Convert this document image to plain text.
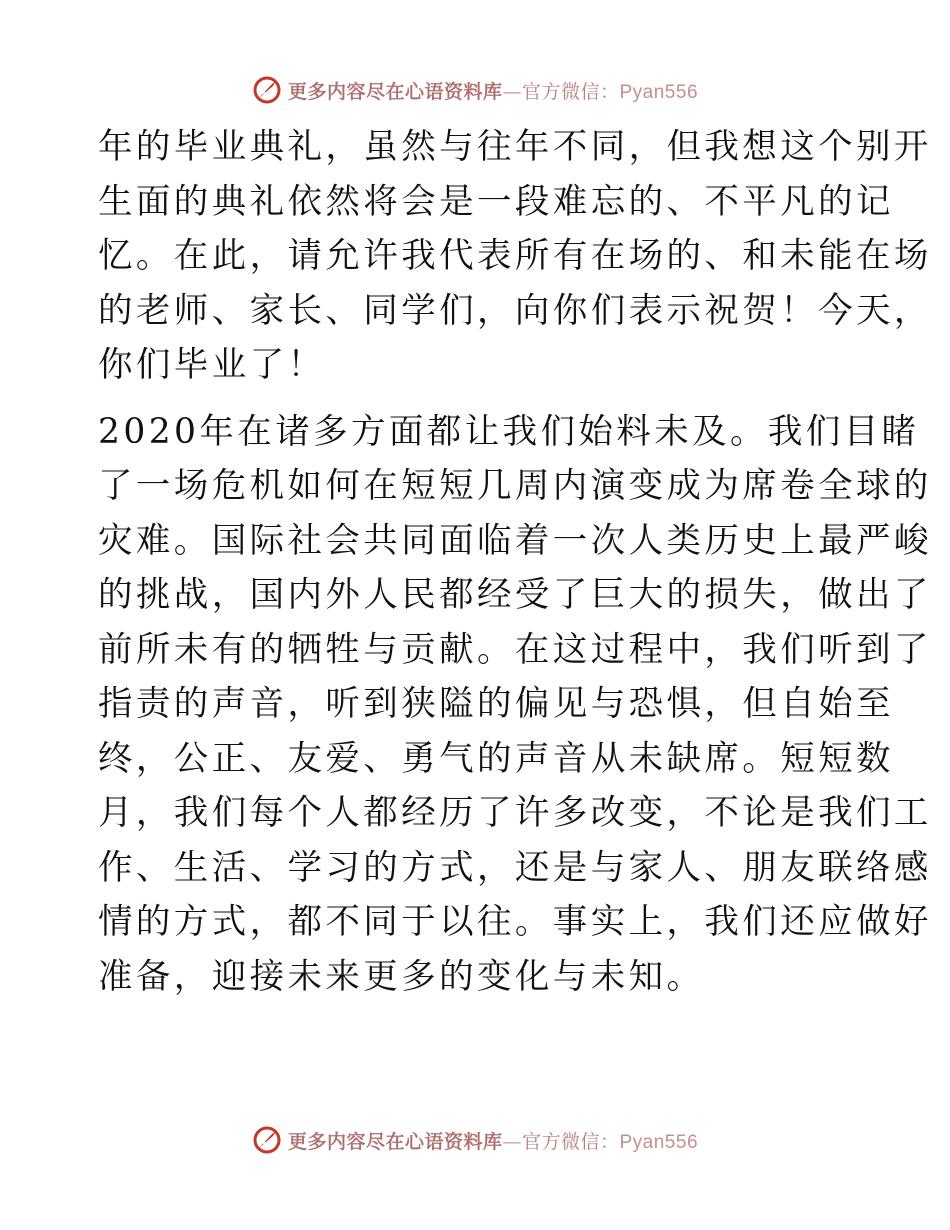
更多内容尽在心语资料库—官方微信：Pyan556

年的毕业典礼，虽然与往年不同，但我想这个别开
生面的典礼依然将会是一段难忘的、不平凡的记
忆。在此，请允许我代表所有在场的、和未能在场
的老师、家长、同学们，向你们表示祝贺！今天，
你们毕业了！

2020年在诸多方面都让我们始料未及。我们目睹
了一场危机如何在短短几周内演变成为席卷全球的
灾难。国际社会共同面临着一次人类历史上最严峻
的挑战，国内外人民都经受了巨大的损失，做出了
前所未有的牺牲与贡献。在这过程中，我们听到了
指责的声音，听到狭隘的偏见与恐惧，但自始至
终，公正、友爱、勇气的声音从未缺席。短短数
月，我们每个人都经历了许多改变，不论是我们工
作、生活、学习的方式，还是与家人、朋友联络感
情的方式，都不同于以往。事实上，我们还应做好
准备，迎接未来更多的变化与未知。

更多内容尽在心语资料库—官方微信：Pyan556
